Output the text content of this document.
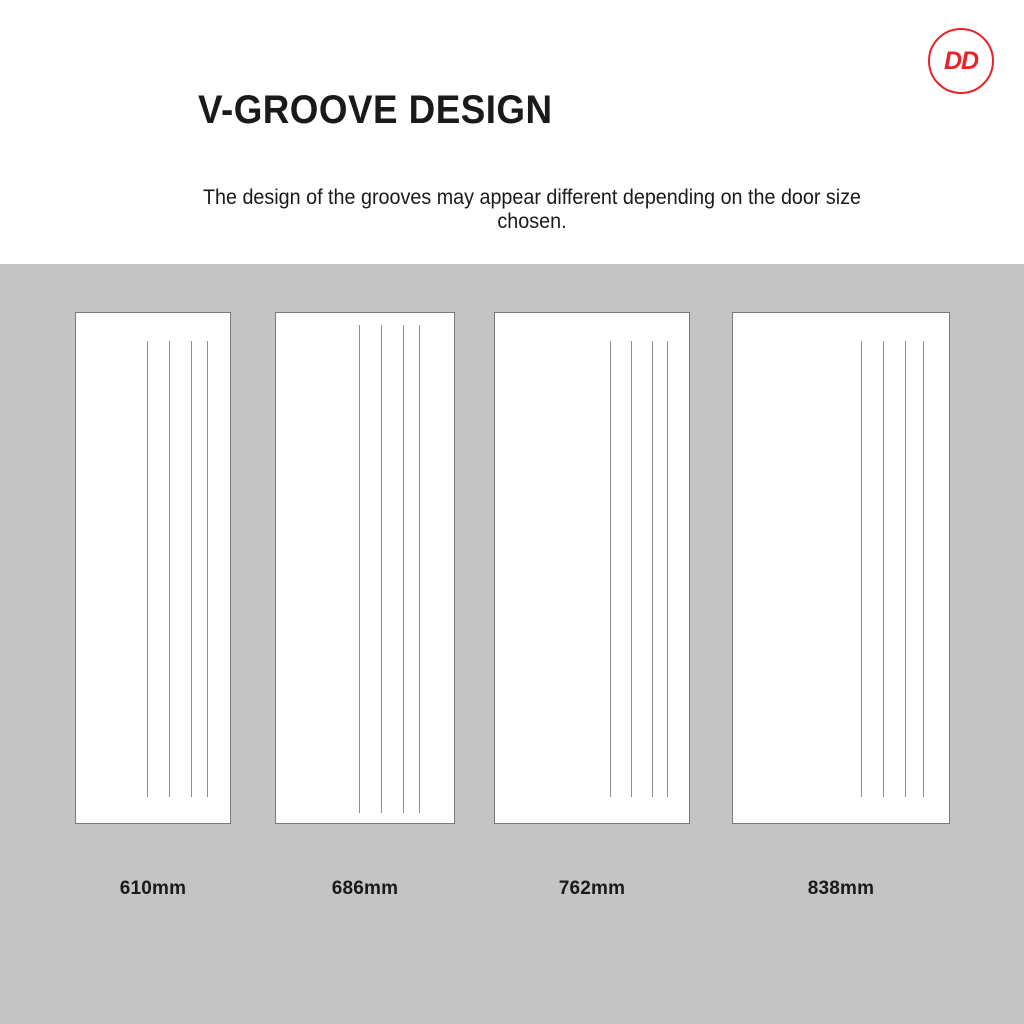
DD
V-GROOVE DESIGN
The design of the grooves may appear different depending on the door size chosen.
610mm	686mm	762mm	838mm
